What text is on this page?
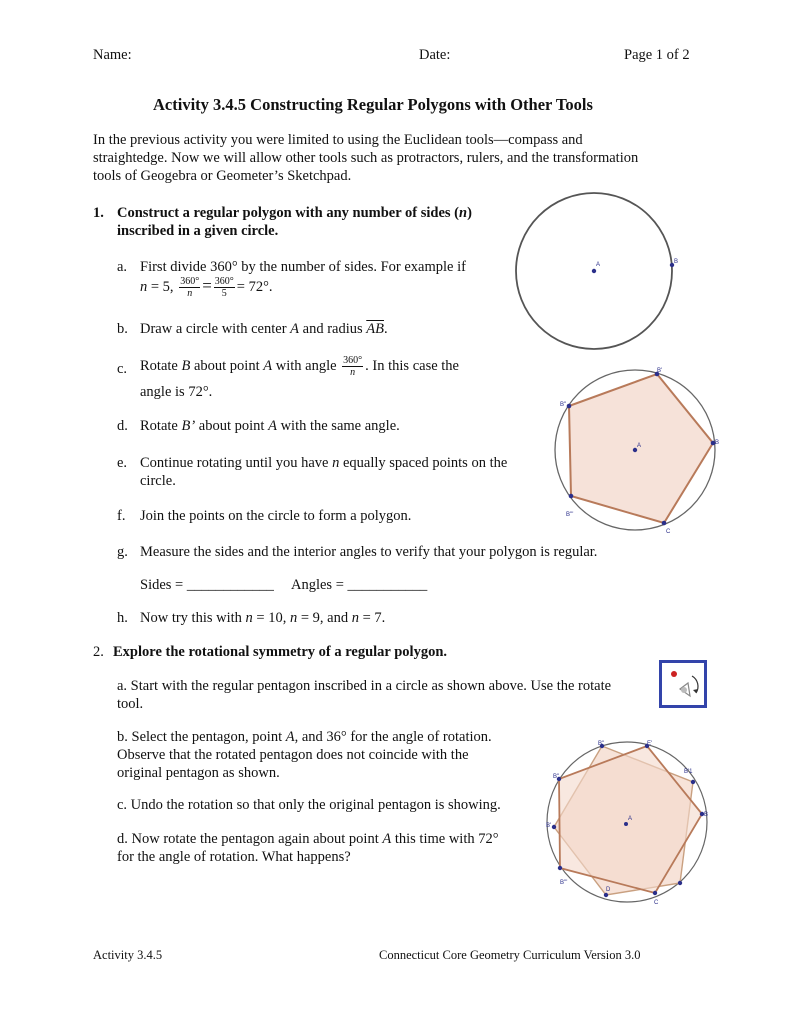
Name:	Date:	Page 1 of 2
Activity 3.4.5 Constructing Regular Polygons with Other Tools
In the previous activity you were limited to using the Euclidean tools—compass and
straightedge. Now we will allow other tools such as protractors, rulers, and the transformation
tools of Geogebra or Geometer’s Sketchpad.
1. Construct a regular polygon with any number of sides (n)
inscribed in a given circle.
a. First divide 360° by the number of sides. For example if
n = 5, $\frac{360^\circ}{n} = \frac{360^\circ}{5} = 72^\circ$.
b. Draw a circle with center A and radius $\overline{AB}$.
c. Rotate B about point A with angle $\frac{360^\circ}{n}$ . In this case the
angle is 72°.
d. Rotate B’ about point A with the same angle.
e. Continue rotating until you have n equally spaced points on the
circle.
f. Join the points on the circle to form a polygon.
g. Measure the sides and the interior angles to verify that your polygon is regular.
Sides = ____________ Angles = ___________
h. Now try this with n = 10, n = 9, and n = 7.
2. Explore the rotational symmetry of a regular polygon.
a. Start with the regular pentagon inscribed in a circle as shown above. Use the rotate
tool.
b. Select the pentagon, point A, and 36° for the angle of rotation.
Observe that the rotated pentagon does not coincide with the
original pentagon as shown.
c. Undo the rotation so that only the original pentagon is showing.
d. Now rotate the pentagon again about point A this time with 72°
for the angle of rotation. What happens?
A	B
B'
B''
A	B
B'''
C
B''	E'
B'1
B''
B
A
B'''
B'
D
C
Activity 3.4.5	Connecticut Core Geometry Curriculum Version 3.0
